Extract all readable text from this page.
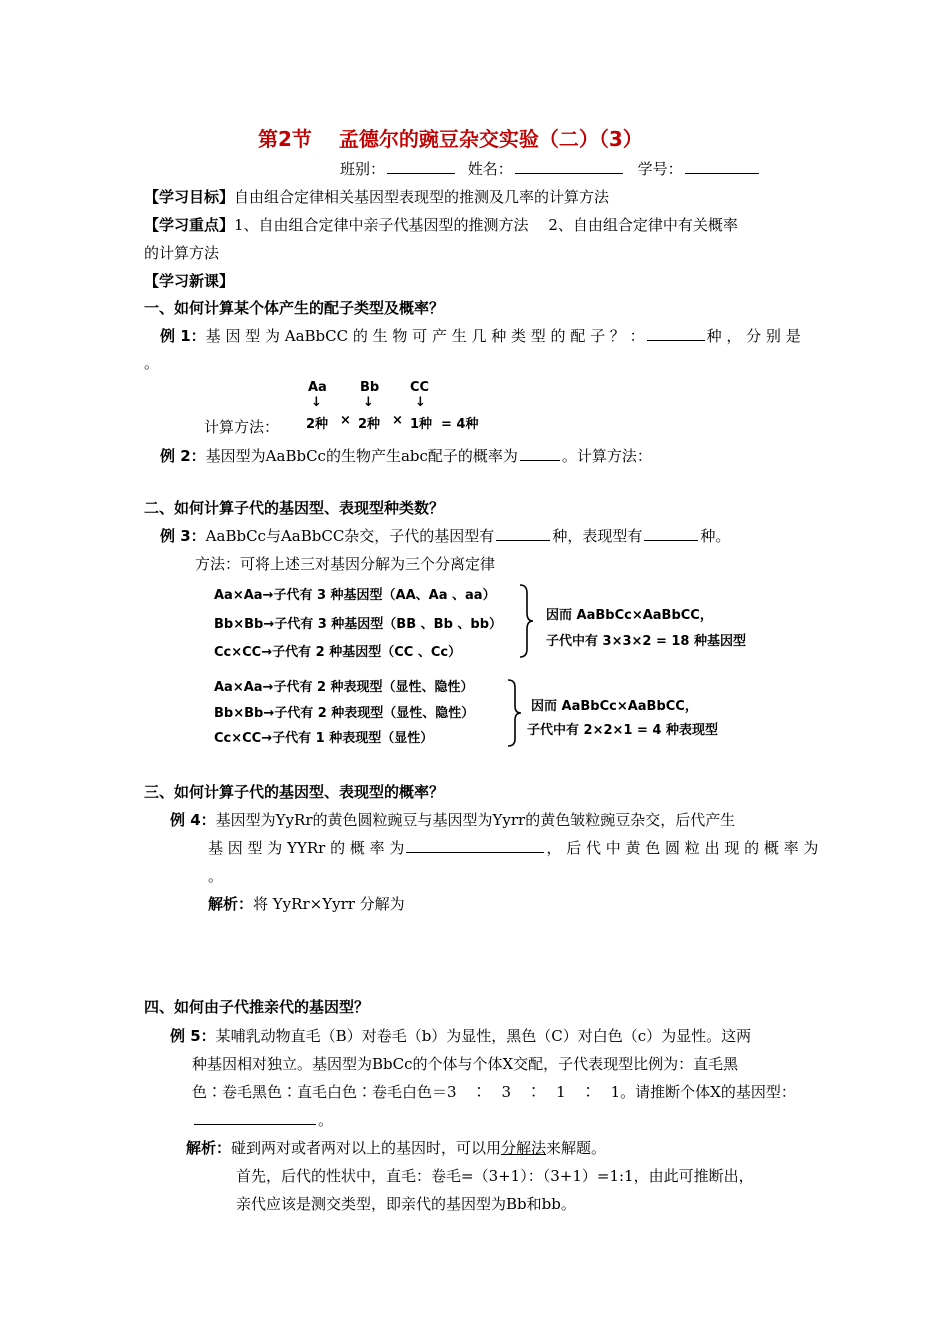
第2节　 孟德尔的豌豆杂交实验（二）（3）
班别：	姓名：	学号：
【学习目标】自由组合定律相关基因型表现型的推测及几率的计算方法
【学习重点】1、自由组合定律中亲子代基因型的推测方法　 2、自由组合定律中有关概率
的计算方法
【学习新课】
一、如何计算某个体产生的配子类型及概率？
例 1：基 因 型 为 AaBbCC 的 生 物 可 产 生 几 种 类 型 的 配 子 ？ ：	种 ， 分 别 是
。
Aa	Bb CC
↓	↓	↓
计算方法： 2种 × 2种 × 1种 = 4种
例 2：基因型为AaBbCc的生物产生abc配子的概率为	。计算方法：
二、如何计算子代的基因型、表现型种类数？
例 3：AaBbCc与AaBbCC杂交，子代的基因型有	种，表现型有	种。
方法：可将上述三对基因分解为三个分离定律
Aa×Aa→子代有 3 种基因型（AA、Aa 、aa）
Bb×Bb→子代有 3 种基因型（BB 、Bb 、bb）
Cc×CC→子代有 2 种基因型（CC 、Cc）
因而 AaBbCc×AaBbCC，
子代中有 3×3×2 = 18 种基因型
Aa×Aa→子代有 2 种表现型（显性、隐性）
Bb×Bb→子代有 2 种表现型（显性、隐性）
Cc×CC→子代有 1 种表现型（显性）
因而 AaBbCc×AaBbCC，
子代中有 2×2×1 = 4 种表现型
三、如何计算子代的基因型、表现型的概率？
例 4：基因型为YyRr的黄色圆粒豌豆与基因型为Yyrr的黄色皱粒豌豆杂交，后代产生
基 因 型 为 YYRr 的 概 率 为	， 后 代 中 黄 色 圆 粒 出 现 的 概 率 为
。
解析：将 YyRr×Yyrr 分解为
四、如何由子代推亲代的基因型？
例 5：某哺乳动物直毛（B）对卷毛（b）为显性，黑色（C）对白色（c）为显性。这两
种基因相对独立。基因型为BbCc的个体与个体X交配，子代表现型比例为：直毛黑
色∶卷毛黑色∶直毛白色∶卷毛白色＝3　∶　3　∶　1　∶　1。请推断个体X的基因型：
。
解析：碰到两对或者两对以上的基因时，可以用分解法来解题。
首先，后代的性状中，直毛：卷毛=（3+1）：（3+1）=1:1，由此可推断出，
亲代应该是测交类型，即亲代的基因型为Bb和bb。
